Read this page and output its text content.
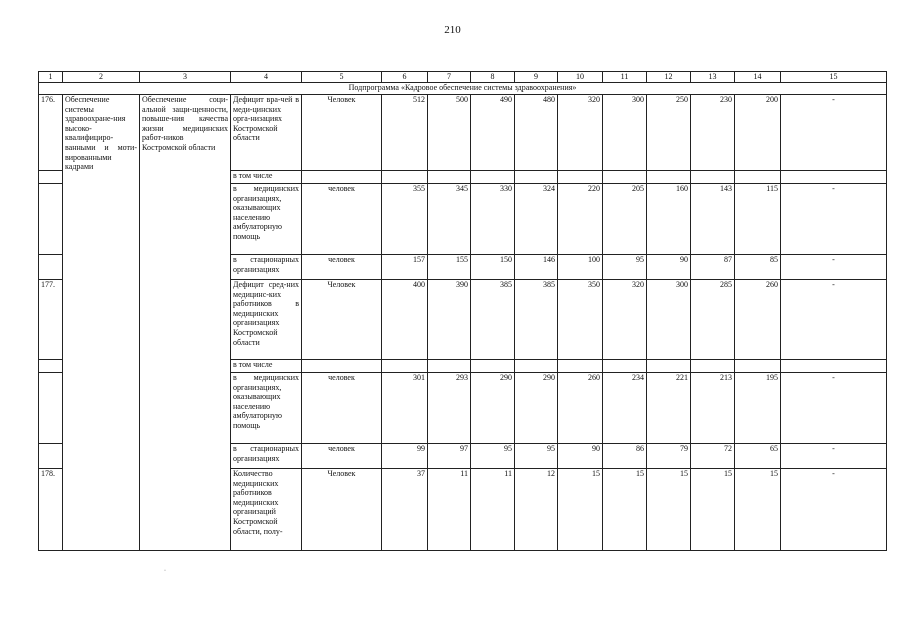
210
1	2	3	4	5	6	7	8	9	10	11	12	13	14	15
Подпрограмма «Кадровое обеспечение системы здравоохранения»														
176.	Обеспечение системы здравоохране-ния высоко-квалифициро-ванными и моти-вированными кадрами	Обеспечение соци-альной защи-щенности, повыше-ния качества жизни медицинских работ-ников Костромской области	Дефицит вра-чей в меди-цинских орга-низациях Костромской области	Человек	512	500	490	480	320	300	250	230	200	-
			в том числе											
			в медицинских организациях, оказывающих населению амбулаторную помощь	человек	355	345	330	324	220	205	160	143	115	-
			в стационарных организациях	человек	157	155	150	146	100	95	90	87	85	-
177.			Дефицит сред-них медицинс-ких работников в медицинских организациях Костромской области	Человек	400	390	385	385	350	320	300	285	260	-
			в том числе											
			в медицинских организациях, оказывающих населению амбулаторную помощь	человек	301	293	290	290	260	234	221	213	195	-
			в стационарных организациях	человек	99	97	95	95	90	86	79	72	65	-
178.			Количество медицинских работников медицинских организаций Костромской области, полу-	Человек	37	11	11	12	15	15	15	15	15	-
·
